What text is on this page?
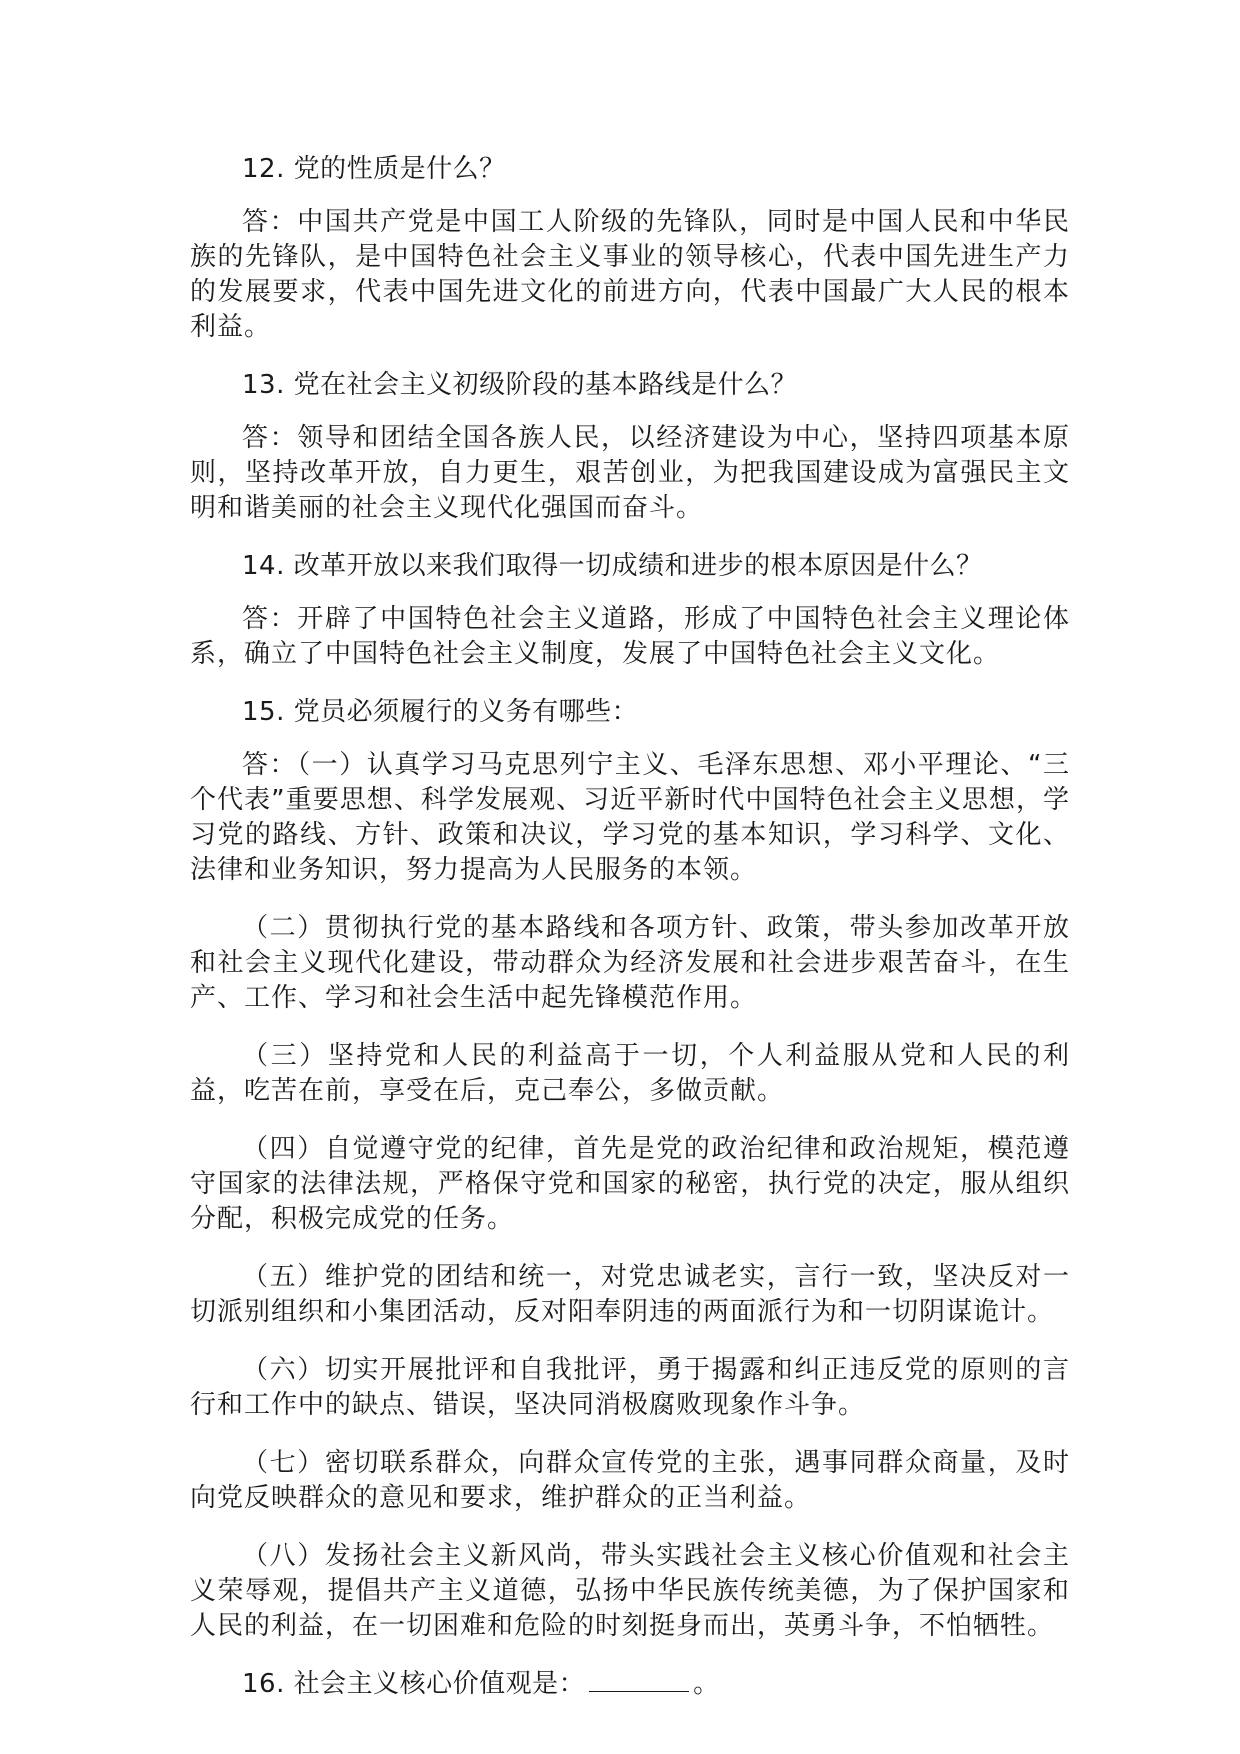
12. 党的性质是什么？

答：中国共产党是中国工人阶级的先锋队，同时是中国人民和中华民族的先锋队，是中国特色社会主义事业的领导核心，代表中国先进生产力的发展要求，代表中国先进文化的前进方向，代表中国最广大人民的根本利益。

13. 党在社会主义初级阶段的基本路线是什么？

答：领导和团结全国各族人民，以经济建设为中心，坚持四项基本原则，坚持改革开放，自力更生，艰苦创业，为把我国建设成为富强民主文明和谐美丽的社会主义现代化强国而奋斗。

14. 改革开放以来我们取得一切成绩和进步的根本原因是什么？

答：开辟了中国特色社会主义道路，形成了中国特色社会主义理论体系，确立了中国特色社会主义制度，发展了中国特色社会主义文化。

15. 党员必须履行的义务有哪些：

答：（一）认真学习马克思列宁主义、毛泽东思想、邓小平理论、“三个代表”重要思想、科学发展观、习近平新时代中国特色社会主义思想，学习党的路线、方针、政策和决议，学习党的基本知识，学习科学、文化、法律和业务知识，努力提高为人民服务的本领。

（二）贯彻执行党的基本路线和各项方针、政策，带头参加改革开放和社会主义现代化建设，带动群众为经济发展和社会进步艰苦奋斗，在生产、工作、学习和社会生活中起先锋模范作用。

（三）坚持党和人民的利益高于一切，个人利益服从党和人民的利益，吃苦在前，享受在后，克己奉公，多做贡献。

（四）自觉遵守党的纪律，首先是党的政治纪律和政治规矩，模范遵守国家的法律法规，严格保守党和国家的秘密，执行党的决定，服从组织分配，积极完成党的任务。

（五）维护党的团结和统一，对党忠诚老实，言行一致，坚决反对一切派别组织和小集团活动，反对阳奉阴违的两面派行为和一切阴谋诡计。

（六）切实开展批评和自我批评，勇于揭露和纠正违反党的原则的言行和工作中的缺点、错误，坚决同消极腐败现象作斗争。

（七）密切联系群众，向群众宣传党的主张，遇事同群众商量，及时向党反映群众的意见和要求，维护群众的正当利益。

（八）发扬社会主义新风尚，带头实践社会主义核心价值观和社会主义荣辱观，提倡共产主义道德，弘扬中华民族传统美德，为了保护国家和人民的利益，在一切困难和危险的时刻挺身而出，英勇斗争，不怕牺牲。

16. 社会主义核心价值观是：	。
